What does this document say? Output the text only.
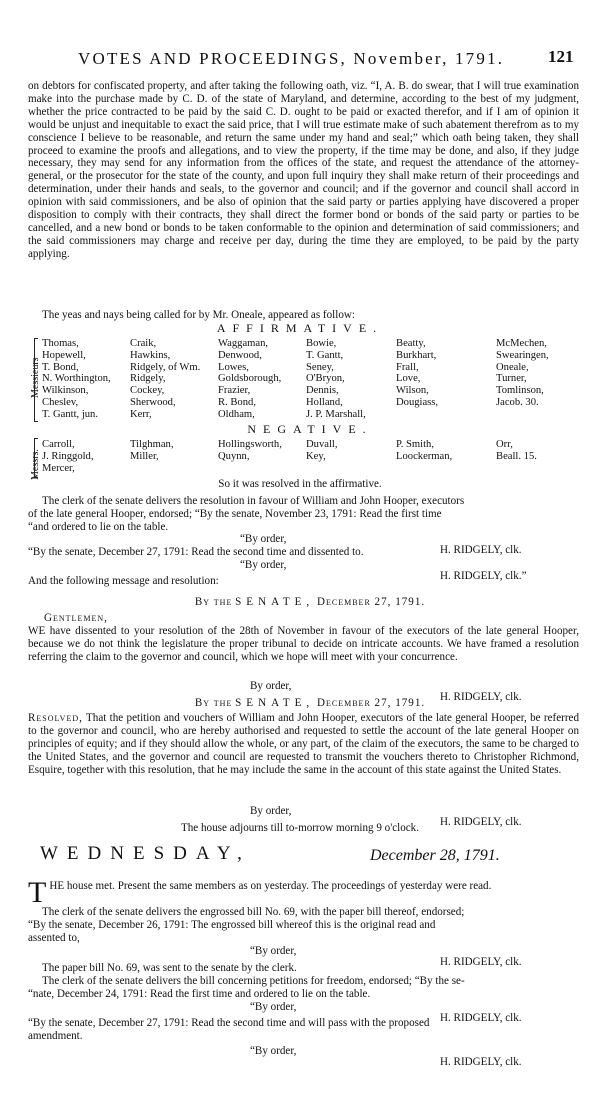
VOTES AND PROCEEDINGS, November, 1791.	121

on debtors for confiscated property, and after taking the following oath, viz. “I, A. B. do swear, that I will true examination make into the purchase made by C. D. of the state of Maryland, and determine, according to the best of my judgment, whether the price contracted to be paid by the said C. D. ought to be paid or exacted therefor, and if I am of opinion it would be unjust and inequitable to exact the said price, that I will true estimate make of such abatement therefrom as to my conscience I believe to be reasonable, and return the same under my hand and seal;” which oath being taken, they shall proceed to examine the proofs and allegations, and to view the property, if the time may be done, and also, if they judge necessary, they may send for any information from the offices of the state, and request the attendance of the attorney-general, or the prosecutor for the state of the county, and upon full inquiry they shall make return of their proceedings and determination, under their hands and seals, to the governor and council; and if the governor and council shall accord in opinion with said commissioners, and be also of opinion that the said party or parties applying have discovered a proper disposition to comply with their contracts, they shall direct the former bond or bonds of the said party or parties to be cancelled, and a new bond or bonds to be taken conformable to the opinion and determination of said commissioners; and the said commissioners may charge and receive per day, during the time they are employed, to be paid by the party applying.

The yeas and nays being called for by Mr. Oneale, appeared as follow:

AFFIRMATIVE.

Messieurs
Thomas,
Hopewell,
T. Bond,
N. Worthington,
Wilkinson,
Cheslev,
T. Gantt, jun.
Craik,
Hawkins,
Ridgely, of Wm.
Ridgely,
Cockey,
Sherwood,
Kerr,
Waggaman,
Denwood,
Lowes,
Goldsborough,
Frazier,
R. Bond,
Oldham,
Bowie,
T. Gantt,
Seney,
O'Bryon,
Dennis,
Holland,
J. P. Marshall,
Beatty,
Burkhart,
Frall,
Love,
Wilson,
Dougiass,
McMechen,
Swearingen,
Oneale,
Turner,
Tomlinson,
Jacob. 30.

NEGATIVE.

Messrs.
Carroll,
J. Ringgold,
Mercer,
Tilghman,
Miller,
Hollingsworth,
Quynn,
Duvall,
Key,
P. Smith,
Loockerman,
Orr,
Beall. 15.

So it was resolved in the affirmative.

The clerk of the senate delivers the resolution in favour of William and John Hooper, executors

of the late general Hooper, endorsed; “By the senate, November 23, 1791: Read the first time

“and ordered to lie on the table.

“By order,

H. RIDGELY, clk.

“By the senate, December 27, 1791: Read the second time and dissented to.

“By order,

H. RIDGELY, clk.”

And the following message and resolution:

By the SENATE, December 27, 1791.

Gentlemen,

WE have dissented to your resolution of the 28th of November in favour of the executors of the late general Hooper, because we do not think the legislature the proper tribunal to decide on intricate accounts. We have framed a resolution referring the claim to the governor and council, which we hope will meet with your concurrence.

By order,

H. RIDGELY, clk.

By the SENATE, December 27, 1791.

Resolved, That the petition and vouchers of William and John Hooper, executors of the late general Hooper, be referred to the governor and council, who are hereby authorised and requested to settle the account of the late general Hooper on principles of equity; and if they should allow the whole, or any part, of the claim of the executors, the same to be charged to the United States, and the governor and council are requested to transmit the vouchers thereto to Christopher Richmond, Esquire, together with this resolution, that he may include the same in the account of this state against the United States.

By order,

H. RIDGELY, clk.

The house adjourns till to-morrow morning 9 o'clock.

WEDNESDAY,	December 28, 1791.

THE house met. Present the same members as on yesterday. The proceedings of yesterday were read.

The clerk of the senate delivers the engrossed bill No. 69, with the paper bill thereof, endorsed;

“By the senate, December 26, 1791: The engrossed bill whereof this is the original read and

assented to,

“By order,

H. RIDGELY, clk.

The paper bill No. 69, was sent to the senate by the clerk.

The clerk of the senate delivers the bill concerning petitions for freedom, endorsed; “By the se-

“nate, December 24, 1791: Read the first time and ordered to lie on the table.

“By order,

H. RIDGELY, clk.

“By the senate, December 27, 1791: Read the second time and will pass with the proposed

amendment.

“By order,

H. RIDGELY, clk.
